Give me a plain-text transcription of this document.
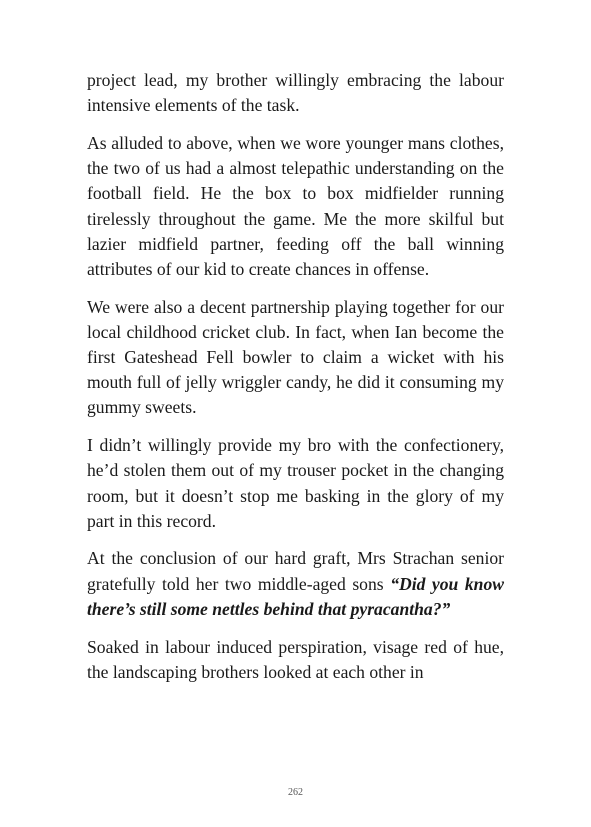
project lead, my brother willingly embracing the labour intensive elements of the task.

As alluded to above, when we wore younger mans clothes, the two of us had a almost telepathic understanding on the football field. He the box to box midfielder running tirelessly throughout the game. Me the more skilful but lazier midfield partner, feeding off the ball winning attributes of our kid to create chances in offense.

We were also a decent partnership playing together for our local childhood cricket club. In fact, when Ian become the first Gateshead Fell bowler to claim a wicket with his mouth full of jelly wriggler candy, he did it consuming my gummy sweets.

I didn’t willingly provide my bro with the confectionery, he’d stolen them out of my trouser pocket in the changing room, but it doesn’t stop me basking in the glory of my part in this record.

At the conclusion of our hard graft, Mrs Strachan senior gratefully told her two middle-aged sons “Did you know there’s still some nettles behind that pyracantha?”

Soaked in labour induced perspiration, visage red of hue, the landscaping brothers looked at each other in

262
